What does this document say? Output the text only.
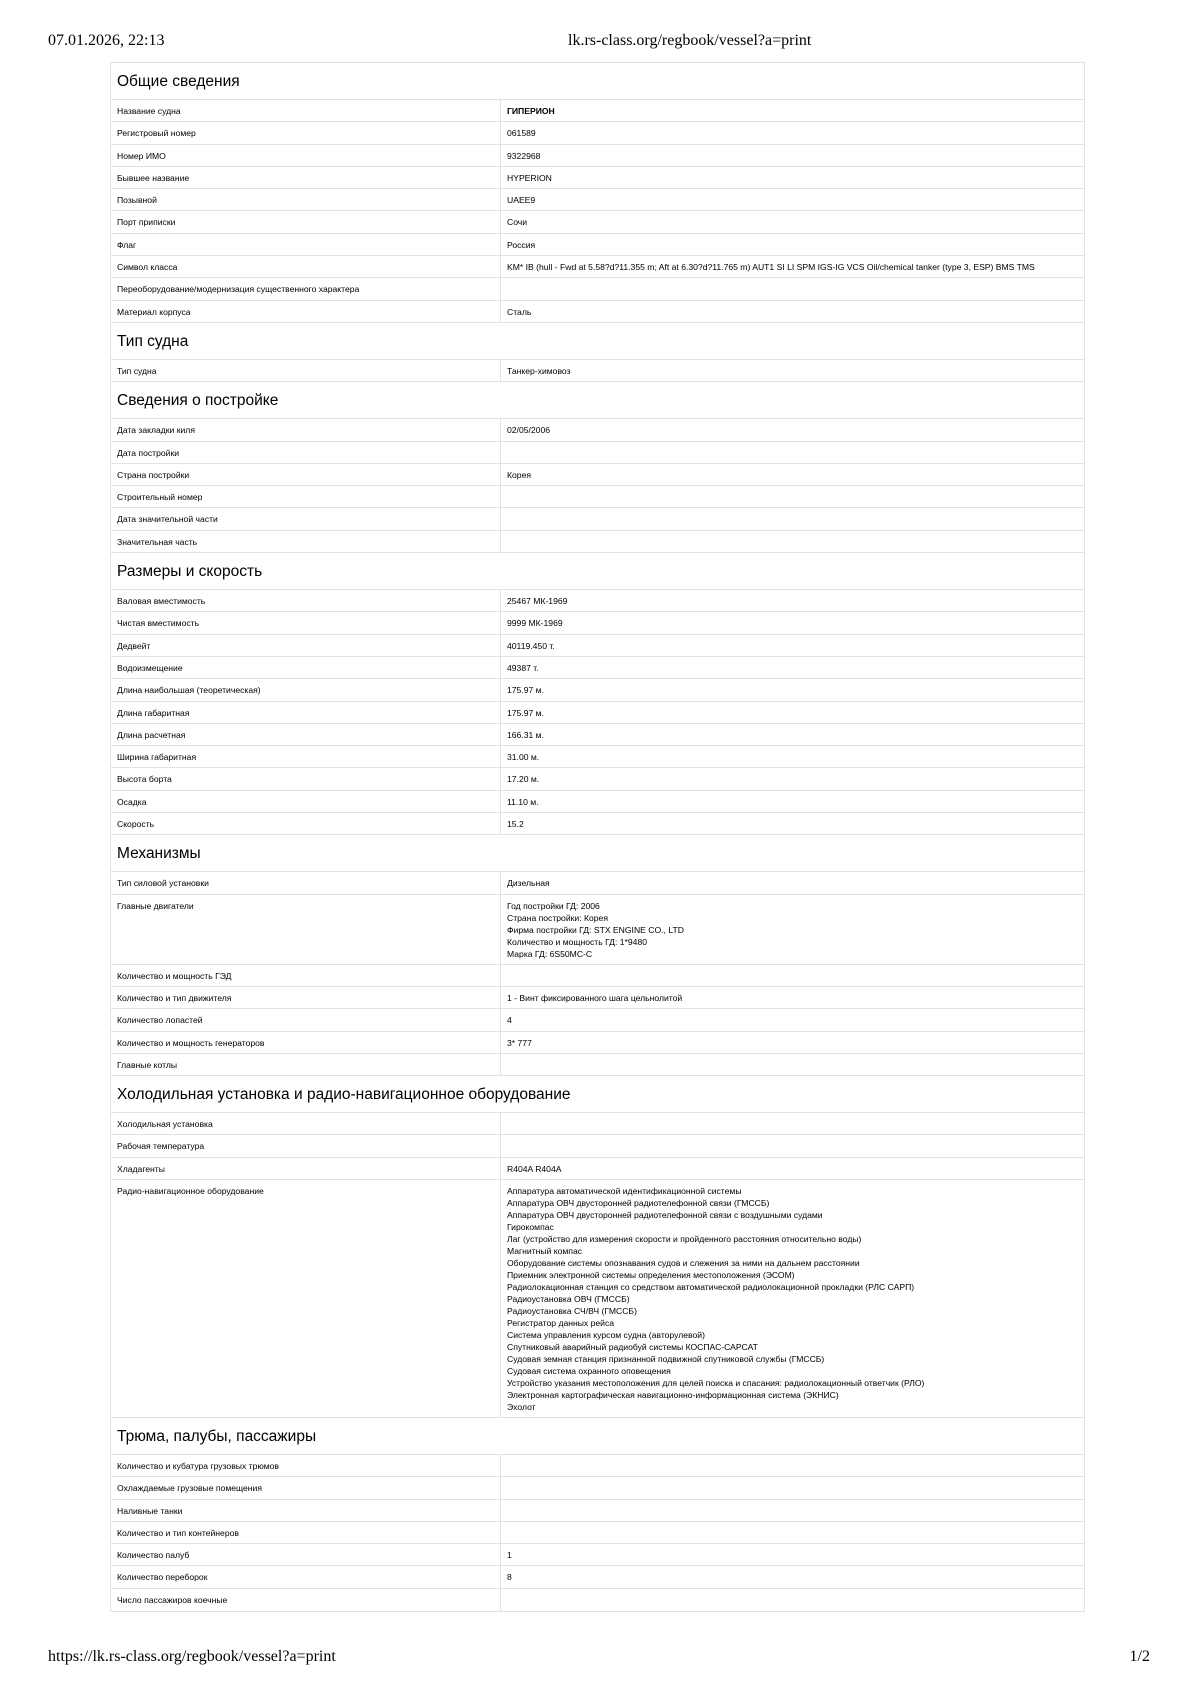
07.01.2026, 22:13	lk.rs-class.org/regbook/vessel?a=print
Общие сведения
Название судна	ГИПЕРИОН
Регистровый номер	061589
Номер ИМО	9322968
Бывшее название	HYPERION
Позывной	UAEE9
Порт приписки	Сочи
Флаг	Россия
Символ класса	KM* IB (hull - Fwd at 5.58?d?11.355 m; Aft at 6.30?d?11.765 m) AUT1 SI LI SPM IGS-IG VCS Oil/chemical tanker (type 3, ESP) BMS TMS
Переоборудование/модернизация существенного характера
Материал корпуса	Сталь
Тип судна
Тип судна	Танкер-химовоз
Сведения о постройке
Дата закладки киля	02/05/2006
Дата постройки
Страна постройки	Корея
Строительный номер
Дата значительной части
Значительная часть
Размеры и скорость
Валовая вместимость	25467 МК-1969
Чистая вместимость	9999 МК-1969
Дедвейт	40119.450 т.
Водоизмещение	49387 т.
Длина наибольшая (теоретическая)	175.97 м.
Длина габаритная	175.97 м.
Длина расчетная	166.31 м.
Ширина габаритная	31.00 м.
Высота борта	17.20 м.
Осадка	11.10 м.
Скорость	15.2
Механизмы
Тип силовой установки	Дизельная
Главные двигатели	Год постройки ГД: 2006
Страна постройки: Корея
Фирма постройки ГД: STX ENGINE CO., LTD
Количество и мощность ГД: 1*9480
Марка ГД: 6S50MC-C
Количество и мощность ГЭД
Количество и тип движителя	1 - Винт фиксированного шага цельнолитой
Количество лопастей	4
Количество и мощность генераторов	3* 777
Главные котлы
Холодильная установка и радио-навигационное оборудование
Холодильная установка
Рабочая температура
Хладагенты	R404A R404A
Радио-навигационное оборудование	Аппаратура автоматической идентификационной системы
Аппаратура ОВЧ двусторонней радиотелефонной связи (ГМССБ)
Аппаратура ОВЧ двусторонней радиотелефонной связи с воздушными судами
Гирокомпас
Лаг (устройство для измерения скорости и пройденного расстояния относительно воды)
Магнитный компас
Оборудование системы опознавания судов и слежения за ними на дальнем расстоянии
Приемник электронной системы определения местоположения (ЭСОМ)
Радиолокационная станция со средством автоматической радиолокационной прокладки (РЛС САРП)
Радиоустановка ОВЧ (ГМССБ)
Радиоустановка СЧ/ВЧ (ГМССБ)
Регистратор данных рейса
Система управления курсом судна (авторулевой)
Спутниковый аварийный радиобуй системы КОСПАС-САРСАТ
Судовая земная станция признанной подвижной спутниковой службы (ГМССБ)
Судовая система охранного оповещения
Устройство указания местоположения для целей поиска и спасания: радиолокационный ответчик (РЛО)
Электронная картографическая навигационно-информационная система (ЭКНИС)
Эхолот
Трюма, палубы, пассажиры
Количество и кубатура грузовых трюмов
Охлаждаемые грузовые помещения
Наливные танки
Количество и тип контейнеров
Количество палуб	1
Количество переборок	8
Число пассажиров коечные
https://lk.rs-class.org/regbook/vessel?a=print	1/2
